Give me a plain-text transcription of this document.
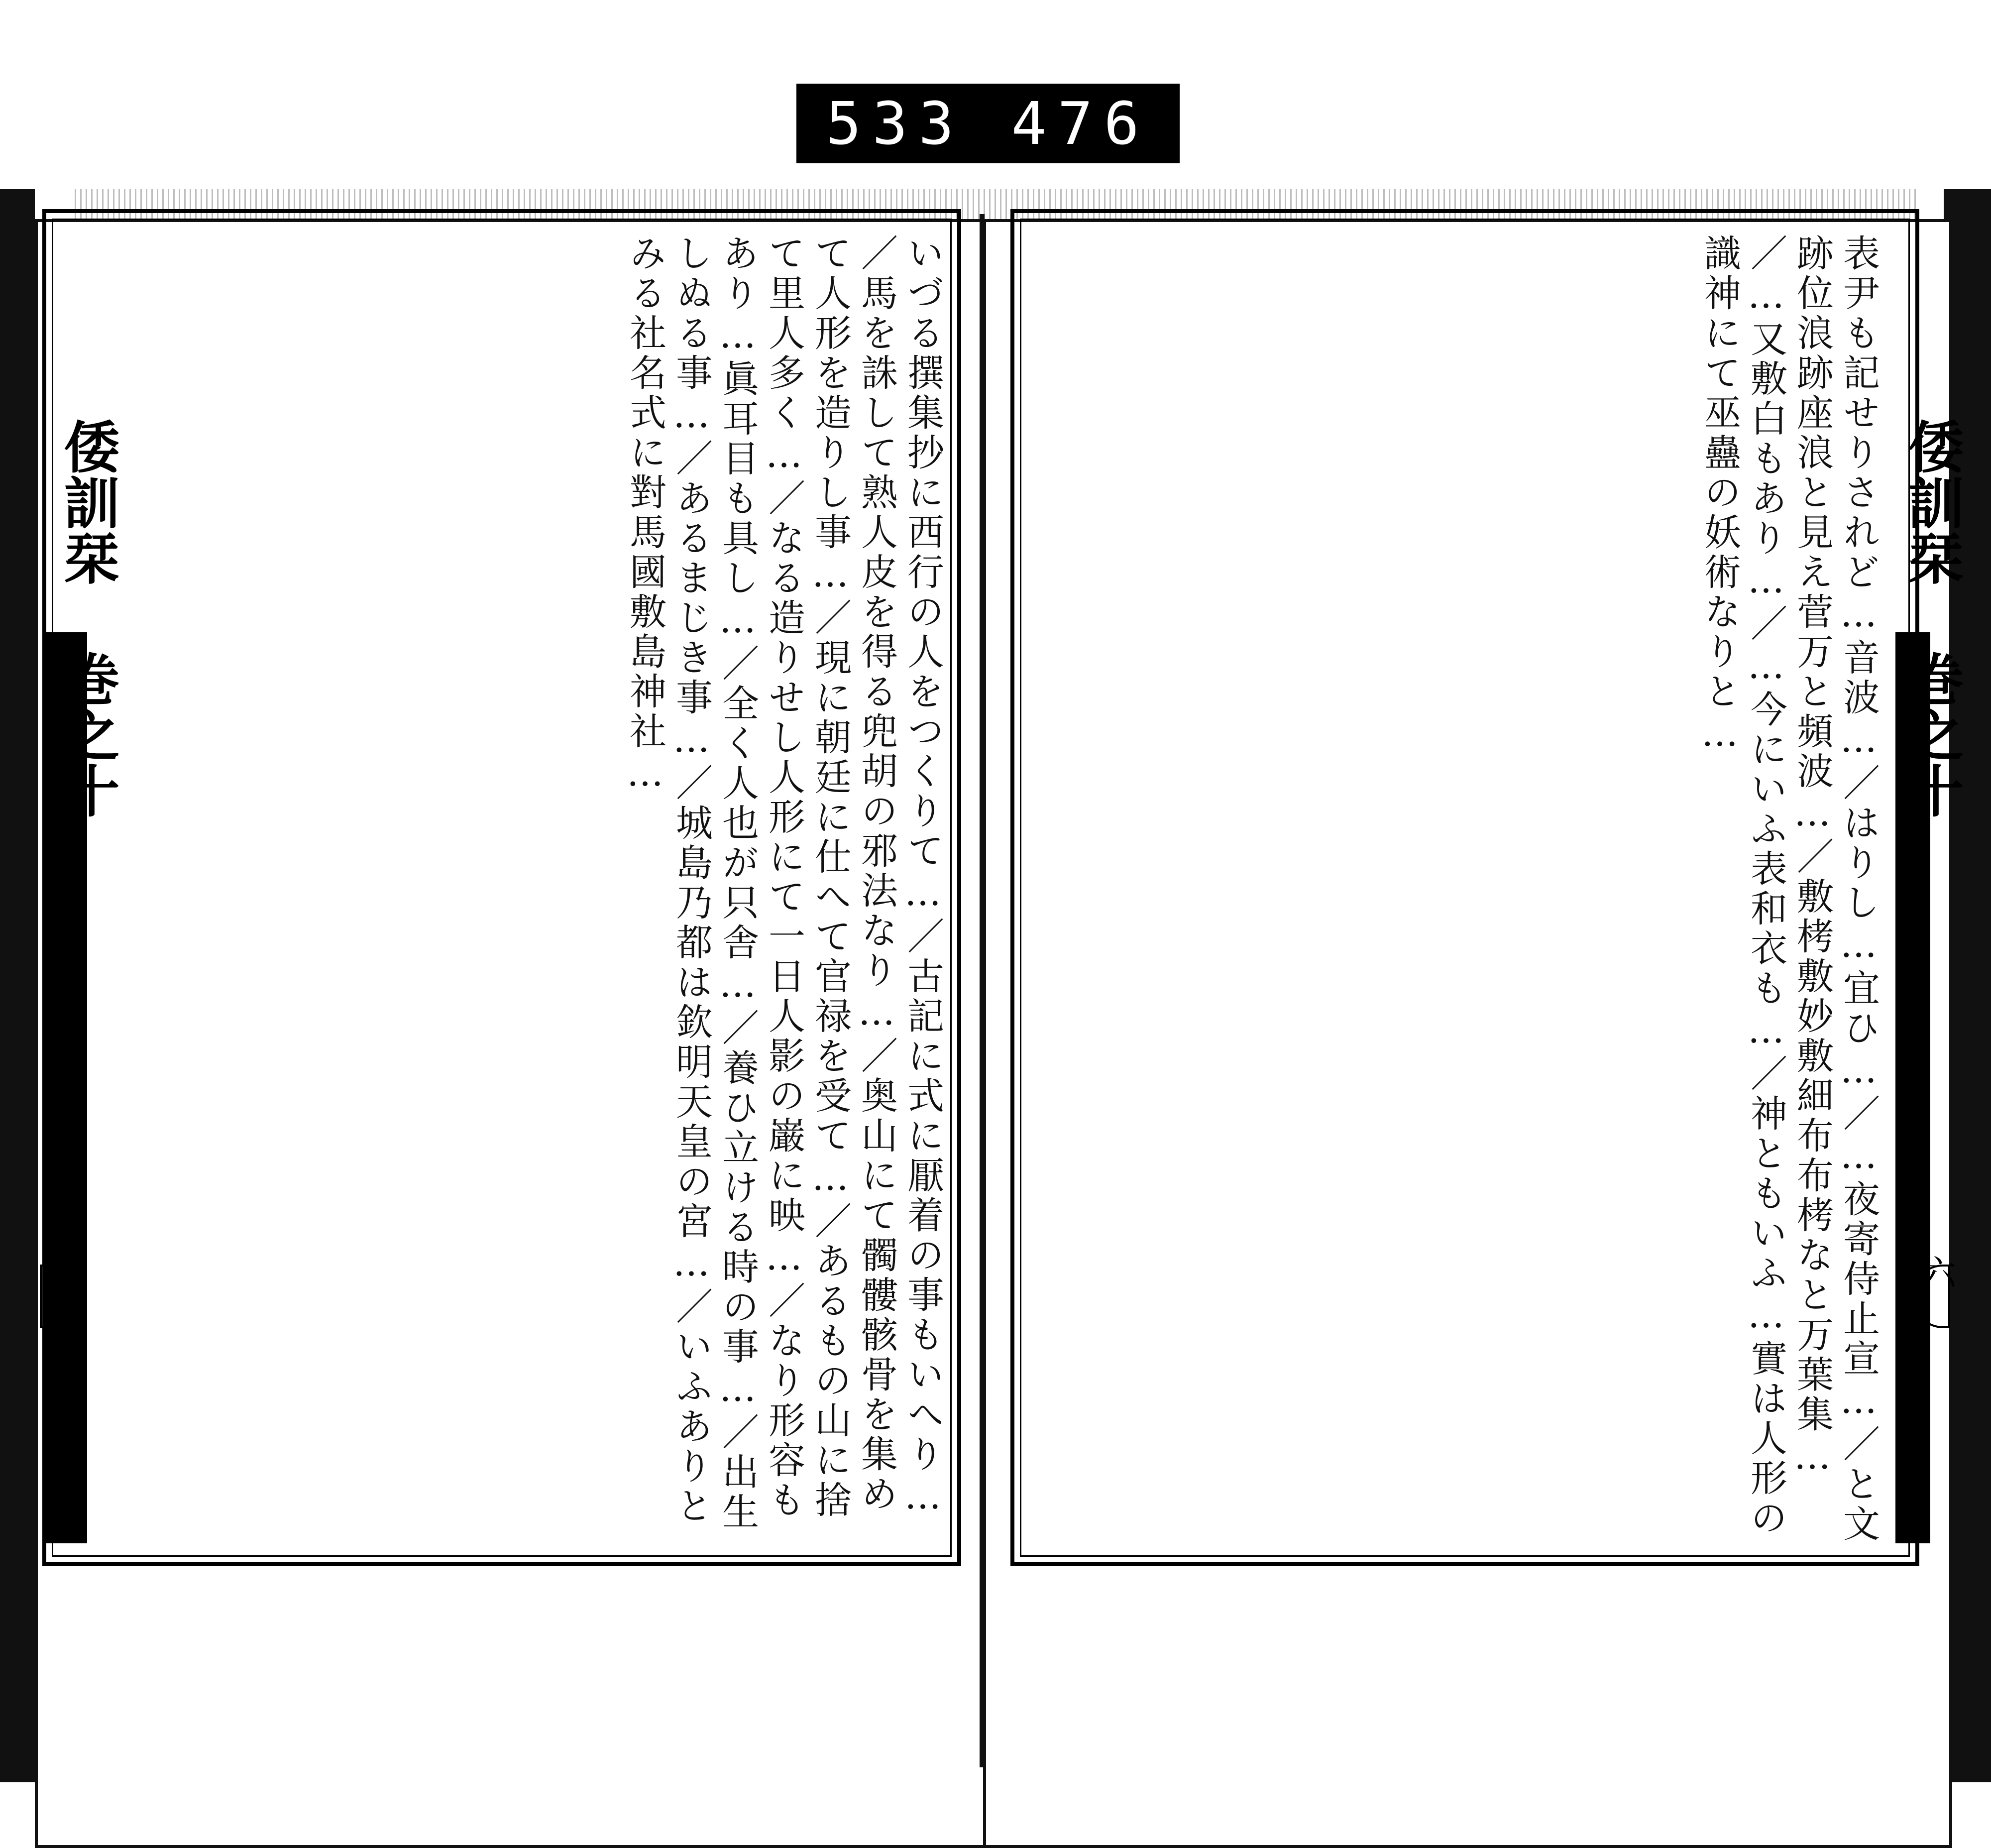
533 476
倭訓栞 巻之十	倭訓栞 巻之十
六
いづる撰集抄に西行の人をつくりて…／古記に式に厭着の事もいへり…／馬を誅して熟人皮を得る兜胡の邪法なり…／奥山にて髑髏骸骨を集めて人形を造りし事…／現に朝廷に仕へて官禄を受て…／あるもの山に捨て里人多く…／なる造りせし人形にて一日人影の巌に映…／なり形容もあり…眞耳目も具し…／全く人也が只舎…／養ひ立ける時の事…／出生しぬる事…／あるまじき事…／城島乃都は欽明天皇の宮…／いふありとみる社名式に對馬國敷島神社…	表尹も記せりされど…音波…／はりし…宜ひ…／…夜寄侍止宣…／と文跡位浪跡座浪と見え菅万と頻波…／敷栲敷妙敷細布布栲なと万葉集…／…又敷白もあり…／…今にいふ表和衣も…／神ともいふ…實は人形の識神にて巫蠱の妖術なりと…
